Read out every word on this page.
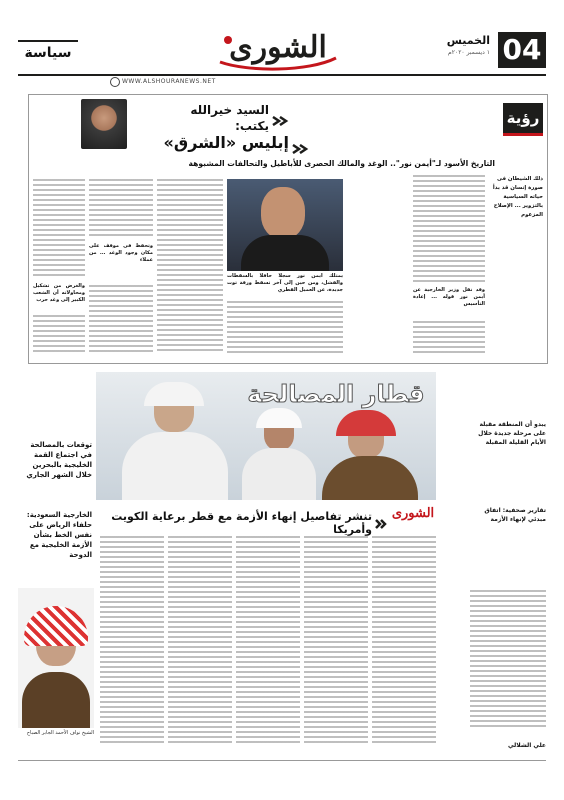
04
الخميس
١ ديسمبر ٢٠٢٠م
الشورى
سياسة
WWW.ALSHOURANEWS.NET
رؤية
السيد خيرالله
يكتب:
إبليس «الشرق»
التاريخ الأسود لـ"أيمن نور".. الوغد والمالك الحصرى للأباطيل والتحالفات المشبوهة
ذلك الشيطان فى صورة إنسان قد بدأ حياته السياسية بالتزوير ... الإصلاح المزعوم
وقد نقل وزير الخارجية عن أيمن نور قوله ... إعادة التأسيس
يمتلك أيمن نور سجلا حافلا بالسقطات والفشل، ومن حين إلى آخر تسقط ورقة توت جديدة، عن العميل القطري
وتحفظ فى موقف على مكان وجود الوغد ... من عملاء
والغرض من تشكيل ومحاولاته أن الشعب الكبير إلى وغد حرب
قطار المصالحة
تنشر تفاصيل إنهاء الأزمة مع قطر برعاية الكويت وأمريكا
الشورى
يبدو أن المنطقة مقبلة على مرحلة جديدة خلال الأيام القليلة المقبلة
تقارير صحفية: اتفاق مبدئي لإنهاء الأزمة
علي الشلالي
توقعات بالمصالحة في اجتماع القمة الخليجية بالبحرين خلال الشهر الجاري
الخارجية السعودية: حلفاء الرياض على نفس الخط بشأن الأزمة الخليجية مع الدوحة
الشيخ نواف الأحمد الجابر الصباح
